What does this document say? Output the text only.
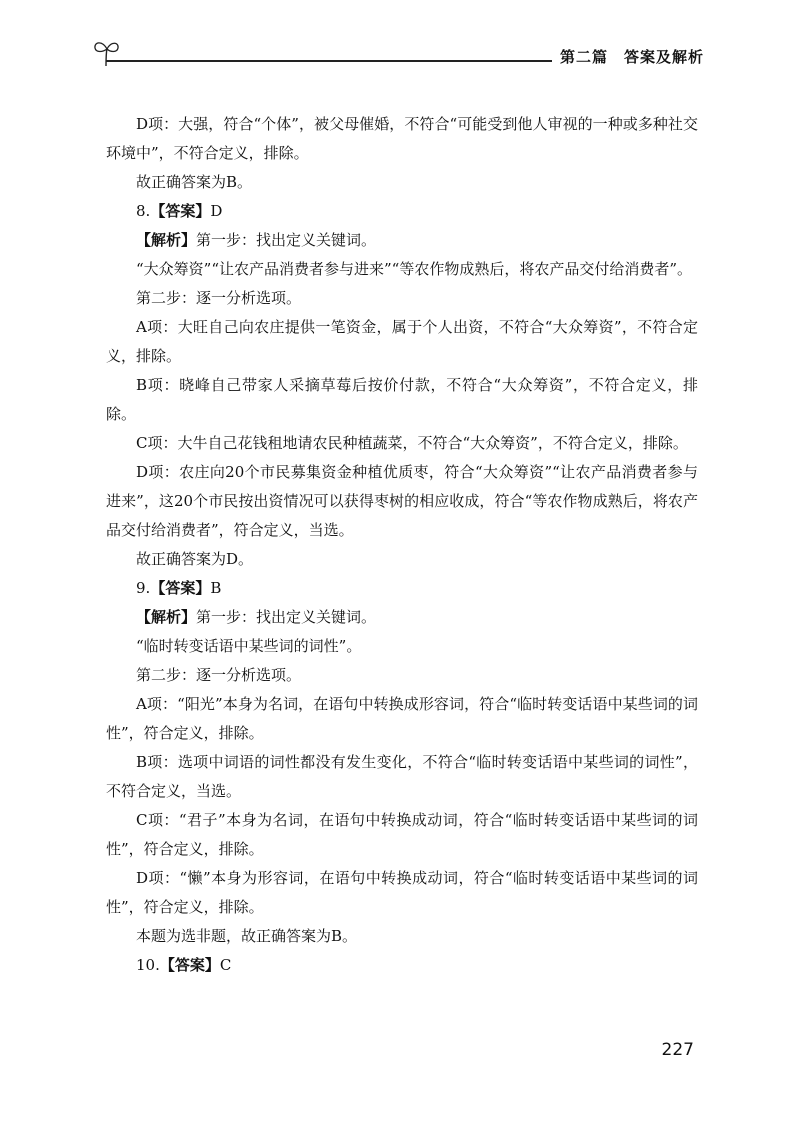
第二篇　答案及解析

D项：大强，符合“个体”，被父母催婚，不符合“可能受到他人审视的一种或多种社交环境中”，不符合定义，排除。

故正确答案为B。

8.【答案】D

【解析】第一步：找出定义关键词。

“大众筹资”“让农产品消费者参与进来”“等农作物成熟后，将农产品交付给消费者”。

第二步：逐一分析选项。

A项：大旺自己向农庄提供一笔资金，属于个人出资，不符合“大众筹资”，不符合定义，排除。

B项：晓峰自己带家人采摘草莓后按价付款，不符合“大众筹资”，不符合定义，排除。

C项：大牛自己花钱租地请农民种植蔬菜，不符合“大众筹资”，不符合定义，排除。

D项：农庄向20个市民募集资金种植优质枣，符合“大众筹资”“让农产品消费者参与进来”，这20个市民按出资情况可以获得枣树的相应收成，符合“等农作物成熟后，将农产品交付给消费者”，符合定义，当选。

故正确答案为D。

9.【答案】B

【解析】第一步：找出定义关键词。

“临时转变话语中某些词的词性”。

第二步：逐一分析选项。

A项：“阳光”本身为名词，在语句中转换成形容词，符合“临时转变话语中某些词的词性”，符合定义，排除。

B项：选项中词语的词性都没有发生变化，不符合“临时转变话语中某些词的词性”，不符合定义，当选。

C项：“君子”本身为名词，在语句中转换成动词，符合“临时转变话语中某些词的词性”，符合定义，排除。

D项：“懒”本身为形容词，在语句中转换成动词，符合“临时转变话语中某些词的词性”，符合定义，排除。

本题为选非题，故正确答案为B。

10.【答案】C

227
